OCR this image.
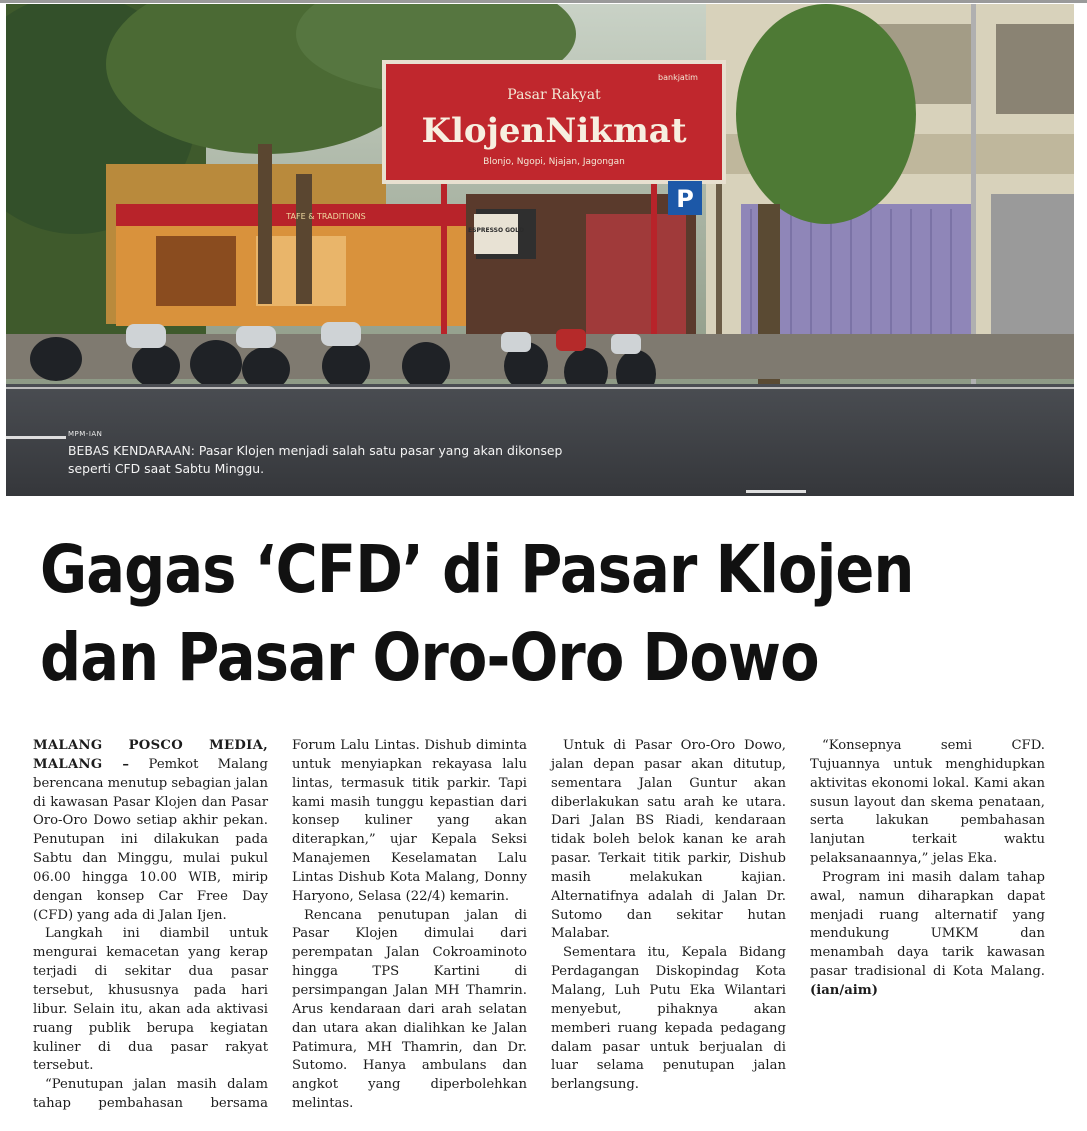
Pasar Rakyat
KlojenNikmat
Blonjo, Ngopi, Njajan, Jagongan
bankjatim
P
TAFE & TRADITIONS
ESPRESSO GOLD
MPM-IAN
BEBAS KENDARAAN: Pasar Klojen menjadi salah satu pasar yang akan dikonsep seperti CFD saat Sabtu Minggu.
Gagas ‘CFD’ di Pasar Klojen
dan Pasar Oro-Oro Dowo

MALANG POSCO MEDIA, MALANG – Pemkot Malang berencana menutup sebagian jalan di kawasan Pasar Klojen dan Pasar Oro-Oro Dowo setiap akhir pekan. Penutupan ini dilakukan pada Sabtu dan Minggu, mulai pukul 06.00 hingga 10.00 WIB, mirip dengan konsep Car Free Day (CFD) yang ada di Jalan Ijen.

Langkah ini diambil untuk mengurai kemacetan yang kerap terjadi di sekitar dua pasar tersebut, khususnya pada hari libur. Selain itu, akan ada aktivasi ruang publik berupa kegiatan kuliner di dua pasar rakyat tersebut.

“Penutupan jalan masih dalam tahap pembahasan bersama Forum Lalu Lintas. Dishub diminta untuk menyiapkan rekayasa lalu lintas, termasuk titik parkir. Tapi kami masih tunggu kepastian dari konsep kuliner yang akan diterapkan,” ujar Kepala Seksi Manajemen Keselamatan Lalu Lintas Dishub Kota Malang, Donny Haryono, Selasa (22/4) kemarin.

Rencana penutupan jalan di Pasar Klojen dimulai dari perempatan Jalan Cokroaminoto hingga TPS Kartini di persimpangan Jalan MH Thamrin. Arus kendaraan dari arah selatan dan utara akan dialihkan ke Jalan Patimura, MH Thamrin, dan Dr. Sutomo. Hanya ambulans dan angkot yang diperbolehkan melintas.

Untuk di Pasar Oro-Oro Dowo, jalan depan pasar akan ditutup, sementara Jalan Guntur akan diberlakukan satu arah ke utara. Dari Jalan BS Riadi, kendaraan tidak boleh belok kanan ke arah pasar. Terkait titik parkir, Dishub masih melakukan kajian. Alternatifnya adalah di Jalan Dr. Sutomo dan sekitar hutan Malabar.

Sementara itu, Kepala Bidang Perdagangan Diskopindag Kota Malang, Luh Putu Eka Wilantari menyebut, pihaknya akan memberi ruang kepada pedagang dalam pasar untuk berjualan di luar selama penutupan jalan berlangsung.

“Konsepnya semi CFD. Tujuannya untuk menghidupkan aktivitas ekonomi lokal. Kami akan susun layout dan skema penataan, serta lakukan pembahasan lanjutan terkait waktu pelaksanaannya,” jelas Eka.

Program ini masih dalam tahap awal, namun diharapkan dapat menjadi ruang alternatif yang mendukung UMKM dan menambah daya tarik kawasan pasar tradisional di Kota Malang. (ian/aim)
